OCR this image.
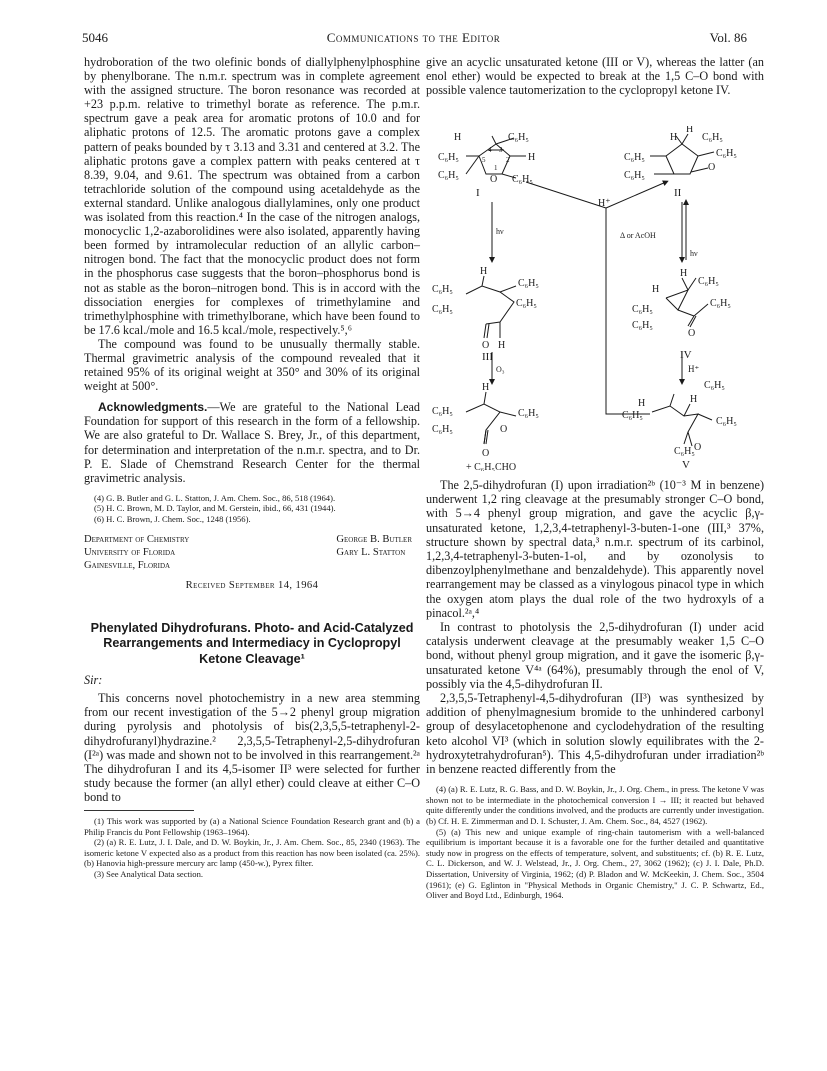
5046	Communications to the Editor	Vol. 86

hydroboration of the two olefinic bonds of diallylphenylphosphine by phenylborane. The n.m.r. spectrum was in complete agreement with the assigned structure. The boron resonance was recorded at +23 p.p.m. relative to trimethyl borate as reference. The p.m.r. spectrum gave a peak area for aromatic protons of 10.0 and for aliphatic protons of 12.5. The aromatic protons gave a complex pattern of peaks bounded by τ 3.13 and 3.31 and centered at 3.2. The aliphatic protons gave a complex pattern with peaks centered at τ 8.39, 9.04, and 9.61. The spectrum was obtained from a carbon tetrachloride solution of the compound using acetaldehyde as the external standard. Unlike analogous diallylamines, only one product was isolated from this reaction.⁴ In the case of the nitrogen analogs, monocyclic 1,2-azaborolidines were also isolated, apparently having been formed by intramolecular reduction of an allylic carbon–nitrogen bond. The fact that the monocyclic product does not form in the phosphorus case suggests that the boron–phosphorus bond is not as stable as the boron–nitrogen bond. This is in accord with the dissociation energies for complexes of trimethylamine and trimethylphosphine with trimethylborane, which have been found to be 17.6 kcal./mole and 16.5 kcal./mole, respectively.⁵,⁶

The compound was found to be unusually thermally stable. Thermal gravimetric analysis of the compound revealed that it retained 95% of its original weight at 350° and 30% of its original weight at 500°.

Acknowledgments.—We are grateful to the National Lead Foundation for support of this research in the form of a fellowship. We are also grateful to Dr. Wallace S. Brey, Jr., of this department, for determination and interpretation of the n.m.r. spectra, and to Dr. P. E. Slade of Chemstrand Research Center for the thermal gravimetric analysis.

(4) G. B. Butler and G. L. Statton, J. Am. Chem. Soc., 86, 518 (1964).

(5) H. C. Brown, M. D. Taylor, and M. Gerstein, ibid., 66, 431 (1944).

(6) H. C. Brown, J. Chem. Soc., 1248 (1956).

Department of Chemistry
University of Florida
Gainesville, Florida
George B. Butler
Gary L. Statton
Received September 14, 1964
Phenylated Dihydrofurans. Photo- and Acid-Catalyzed Rearrangements and Intermediacy in Cyclopropyl Ketone Cleavage¹

Sir:

This concerns novel photochemistry in a new area stemming from our recent investigation of the 5→2 phenyl group migration during pyrolysis and photolysis of bis(2,3,5,5-tetraphenyl-2-dihydrofuranyl)hydrazine.² 2,3,5,5-Tetraphenyl-2,5-dihydrofuran (I²ᵃ) was made and shown not to be involved in this rearrangement.²ᵃ The dihydrofuran I and its 4,5-isomer II³ were selected for further study because the former (an allyl ether) could cleave at either C–O bond to

(1) This work was supported by (a) a National Science Foundation Research grant and (b) a Philip Francis du Pont Fellowship (1963–1964).

(2) (a) R. E. Lutz, J. I. Dale, and D. W. Boykin, Jr., J. Am. Chem. Soc., 85, 2340 (1963). The isomeric ketone V expected also as a product from this reaction has now been isolated (ca. 25%). (b) Hanovia high-pressure mercury arc lamp (450-w.), Pyrex filter.

(3) See Analytical Data section.

give an acyclic unsaturated ketone (III or V), whereas the latter (an enol ether) would be expected to break at the 1,5 C–O bond with possible valence tautomerization to the cyclopropyl ketone IV.

H	C₆H₅
C₆H₅	H
C₆H₅	O C₆H₅
4 3
5	2
1
I
H
H
C₆H₅
C₆H₅
C₆H₅
C₆H₅
O
II
H⁺
hν	Δ or AcOH
hν
H
C₆H₅
C₆H₅
C₆H₅
C₆H₅
O H
III
H
H
C₆H₅
C₆H₅
C₆H₅
C₆H₅
O
IV
O₃	H⁺
H
C₆H₅	C₆H₅
C₆H₅	O
O
+ C₆H₅CHO
C₆H₅
H	H
C₆H₅
C₆H₅
C₆H₅ O
V

The 2,5-dihydrofuran (I) upon irradiation²ᵇ (10⁻³ M in benzene) underwent 1,2 ring cleavage at the presumably stronger C–O bond, with 5→4 phenyl group migration, and gave the acyclic β,γ-unsaturated ketone, 1,2,3,4-tetraphenyl-3-buten-1-one (III,³ 37%, structure shown by spectral data,³ n.m.r. spectrum of its carbinol, 1,2,3,4-tetraphenyl-3-buten-1-ol, and by ozonolysis to dibenzoylphenylmethane and benzaldehyde). This apparently novel rearrangement may be classed as a vinylogous pinacol type in which the oxygen atom plays the dual role of the two hydroxyls of a pinacol.²ᵃ,⁴

In contrast to photolysis the 2,5-dihydrofuran (I) under acid catalysis underwent cleavage at the presumably weaker 1,5 C–O bond, without phenyl group migration, and it gave the isomeric β,γ-unsaturated ketone V⁴ᵃ (64%), presumably through the enol of V, possibly via the 4,5-dihydrofuran II.

2,3,5,5-Tetraphenyl-4,5-dihydrofuran (II³) was synthesized by addition of phenylmagnesium bromide to the unhindered carbonyl group of desylacetophenone and cyclodehydration of the resulting keto alcohol VI³ (which in solution slowly equilibrates with the 2-hydroxytetrahydrofuran⁵). This 4,5-dihydrofuran under irradiation²ᵇ in benzene reacted differently from the

(4) (a) R. E. Lutz, R. G. Bass, and D. W. Boykin, Jr., J. Org. Chem., in press. The ketone V was shown not to be intermediate in the photochemical conversion I → III; it reacted but behaved quite differently under the conditions involved, and the products are currently under investigation. (b) Cf. H. E. Zimmerman and D. I. Schuster, J. Am. Chem. Soc., 84, 4527 (1962).

(5) (a) This new and unique example of ring-chain tautomerism with a well-balanced equilibrium is important because it is a favorable one for the further detailed and quantitative study now in progress on the effects of temperature, solvent, and substituents; cf. (b) R. E. Lutz, C. L. Dickerson, and W. J. Welstead, Jr., J. Org. Chem., 27, 3062 (1962); (c) J. I. Dale, Ph.D. Dissertation, University of Virginia, 1962; (d) P. Bladon and W. McKeekin, J. Chem. Soc., 3504 (1961); (e) G. Eglinton in "Physical Methods in Organic Chemistry," J. C. P. Schwartz, Ed., Oliver and Boyd Ltd., Edinburgh, 1964.
